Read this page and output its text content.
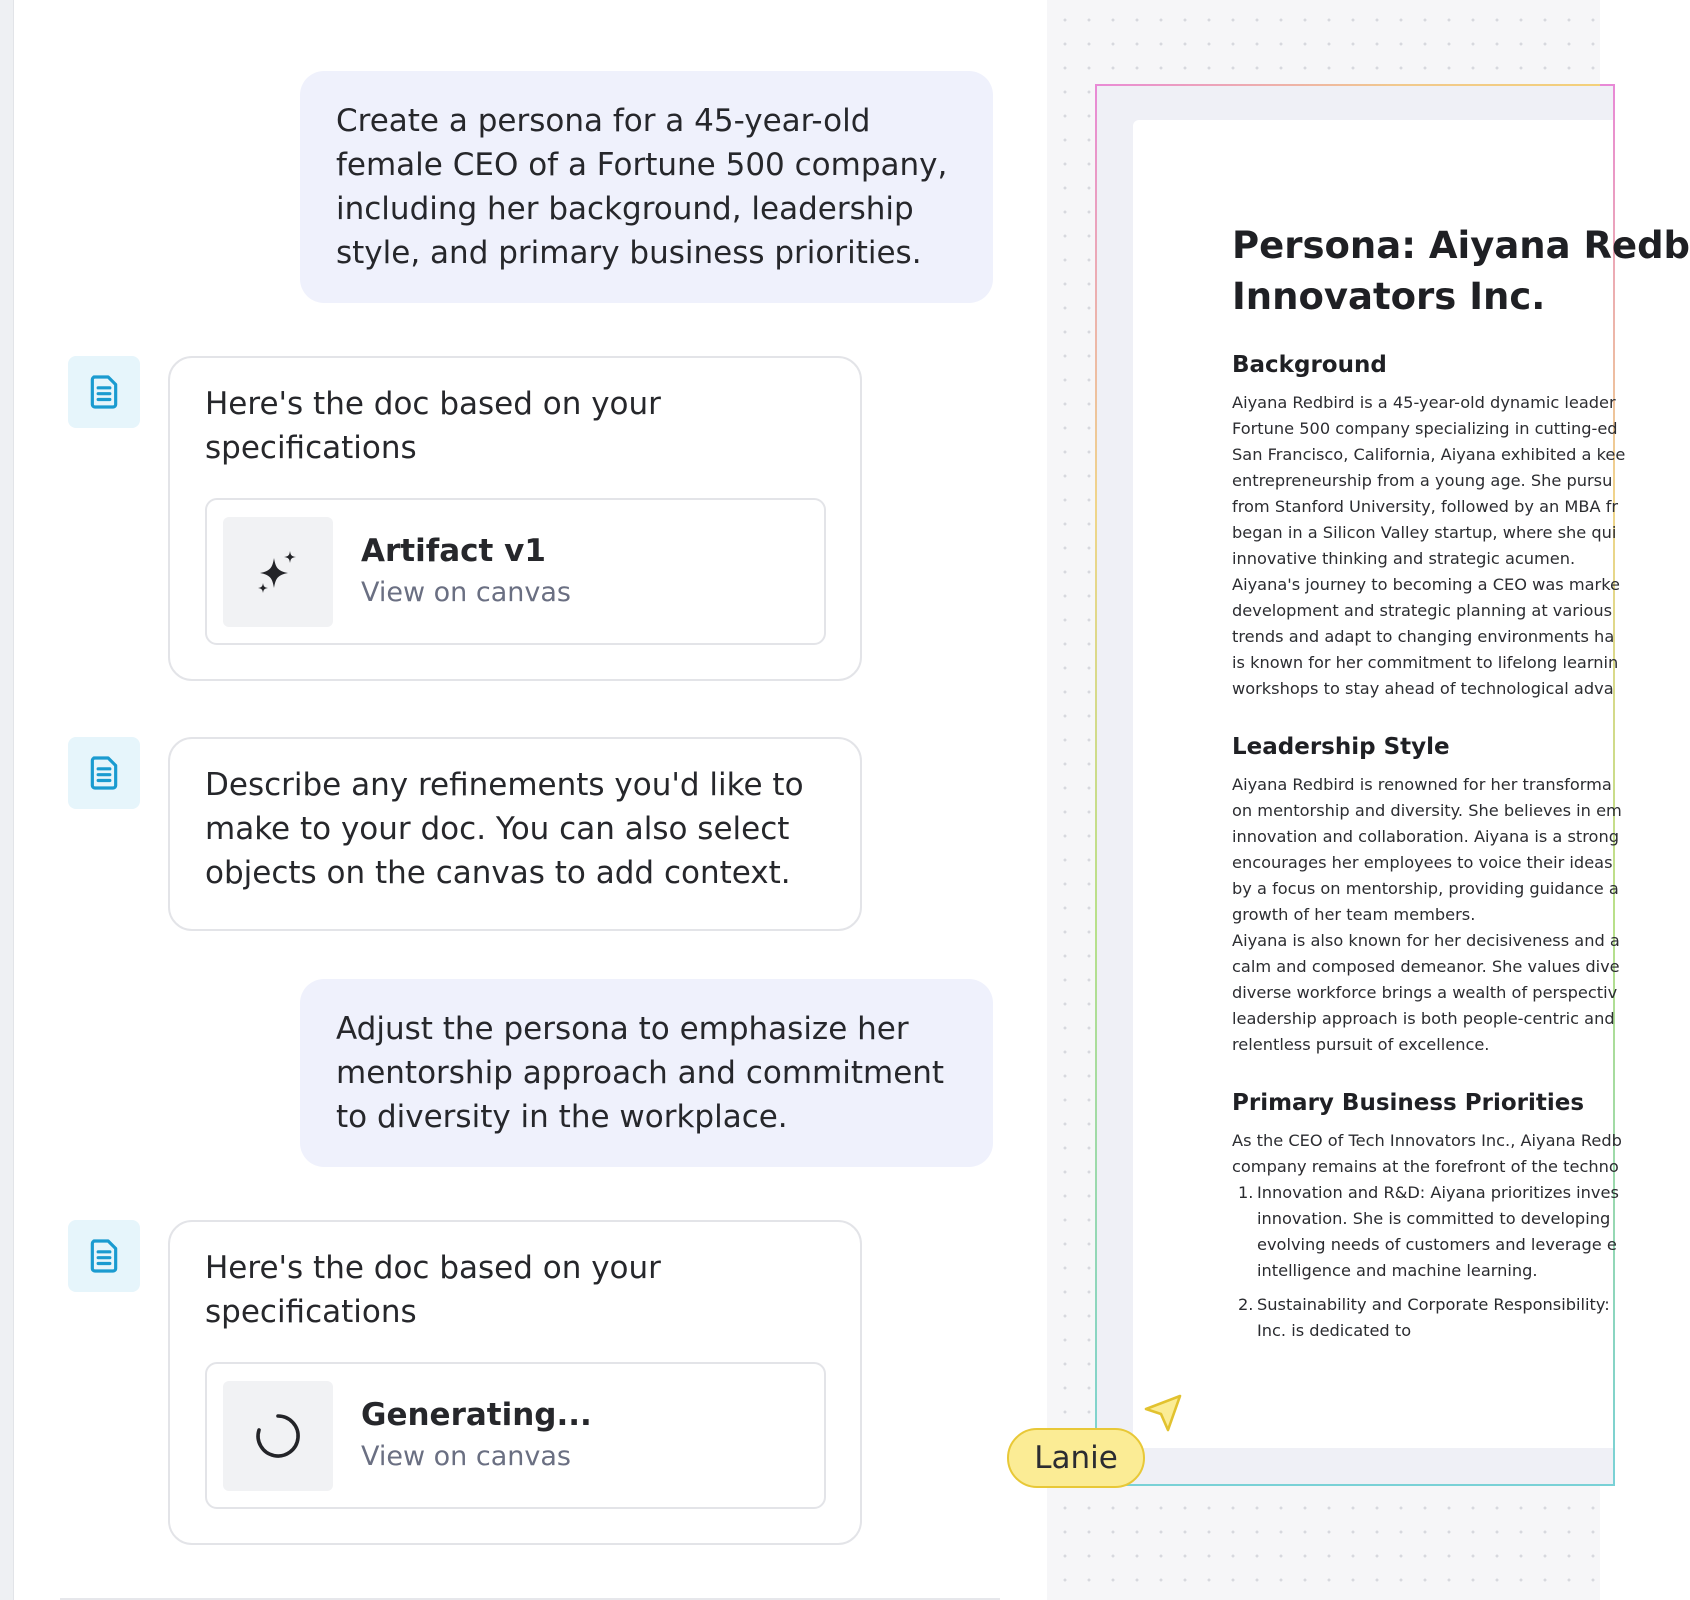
Create a persona for a 45-year-old female CEO of a Fortune 500 company, including her background, leadership style, and primary business priorities.
Here's the doc based on your specifications
Artifact v1
View on canvas
Describe any refinements you'd like to make to your doc. You can also select objects on the canvas to add context.
Adjust the persona to emphasize her mentorship approach and commitment to diversity in the workplace.
Here's the doc based on your specifications
Generating...
View on canvas
Persona: Aiyana Redb
Innovators Inc.
Background
Aiyana Redbird is a 45-year-old dynamic leader
Fortune 500 company specializing in cutting-ed
San Francisco, California, Aiyana exhibited a kee
entrepreneurship from a young age. She pursu
from Stanford University, followed by an MBA fr
began in a Silicon Valley startup, where she qui
innovative thinking and strategic acumen.
Aiyana's journey to becoming a CEO was marke
development and strategic planning at various
trends and adapt to changing environments ha
is known for her commitment to lifelong learnin
workshops to stay ahead of technological adva
Leadership Style
Aiyana Redbird is renowned for her transforma
on mentorship and diversity. She believes in em
innovation and collaboration. Aiyana is a strong
encourages her employees to voice their ideas
by a focus on mentorship, providing guidance a
growth of her team members.
Aiyana is also known for her decisiveness and a
calm and composed demeanor. She values dive
diverse workforce brings a wealth of perspectiv
leadership approach is both people-centric and
relentless pursuit of excellence.
Primary Business Priorities
As the CEO of Tech Innovators Inc., Aiyana Redb
company remains at the forefront of the techno
1. Innovation and R&D: Aiyana prioritizes inves
innovation. She is committed to developing
evolving needs of customers and leverage e
intelligence and machine learning.
2. Sustainability and Corporate Responsibility:
Inc. is dedicated to
Lanie
